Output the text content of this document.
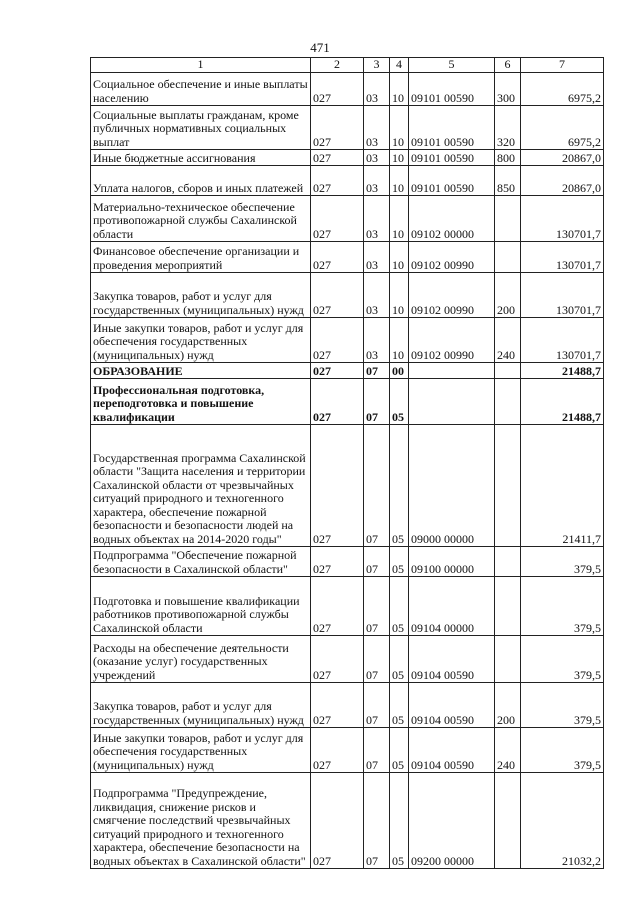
471
1	2	3	4	5	6	7
Социальное обеспечение и иные выплаты населению	027	03	10	09101 00590	300	6975,2
Социальные выплаты гражданам, кроме публичных нормативных социальных выплат	027	03	10	09101 00590	320	6975,2
Иные бюджетные ассигнования	027	03	10	09101 00590	800	20867,0
Уплата налогов, сборов и иных платежей	027	03	10	09101 00590	850	20867,0
Материально-техническое обеспечение противопожарной службы Сахалинской области	027	03	10	09102 00000		130701,7
Финансовое обеспечение организации и проведения мероприятий	027	03	10	09102 00990		130701,7
Закупка товаров, работ и услуг для государственных (муниципальных) нужд	027	03	10	09102 00990	200	130701,7
Иные закупки товаров, работ и услуг для обеспечения государственных (муниципальных) нужд	027	03	10	09102 00990	240	130701,7
ОБРАЗОВАНИЕ	027	07	00			21488,7
Профессиональная подготовка, переподготовка и повышение квалификации	027	07	05			21488,7
Государственная программа Сахалинской области "Защита населения и территории Сахалинской области от чрезвычайных ситуаций природного и техногенного характера, обеспечение пожарной безопасности и безопасности людей на водных объектах на 2014-2020 годы"	027	07	05	09000 00000		21411,7
Подпрограмма "Обеспечение пожарной безопасности в Сахалинской области"	027	07	05	09100 00000		379,5
Подготовка и повышение квалификации работников противопожарной службы Сахалинской области	027	07	05	09104 00000		379,5
Расходы на обеспечение деятельности (оказание услуг) государственных учреждений	027	07	05	09104 00590		379,5
Закупка товаров, работ и услуг для государственных (муниципальных) нужд	027	07	05	09104 00590	200	379,5
Иные закупки товаров, работ и услуг для обеспечения государственных (муниципальных) нужд	027	07	05	09104 00590	240	379,5
Подпрограмма "Предупреждение, ликвидация, снижение рисков и смягчение последствий чрезвычайных ситуаций природного и техногенного характера, обеспечение безопасности на водных объектах в Сахалинской области"	027	07	05	09200 00000		21032,2
